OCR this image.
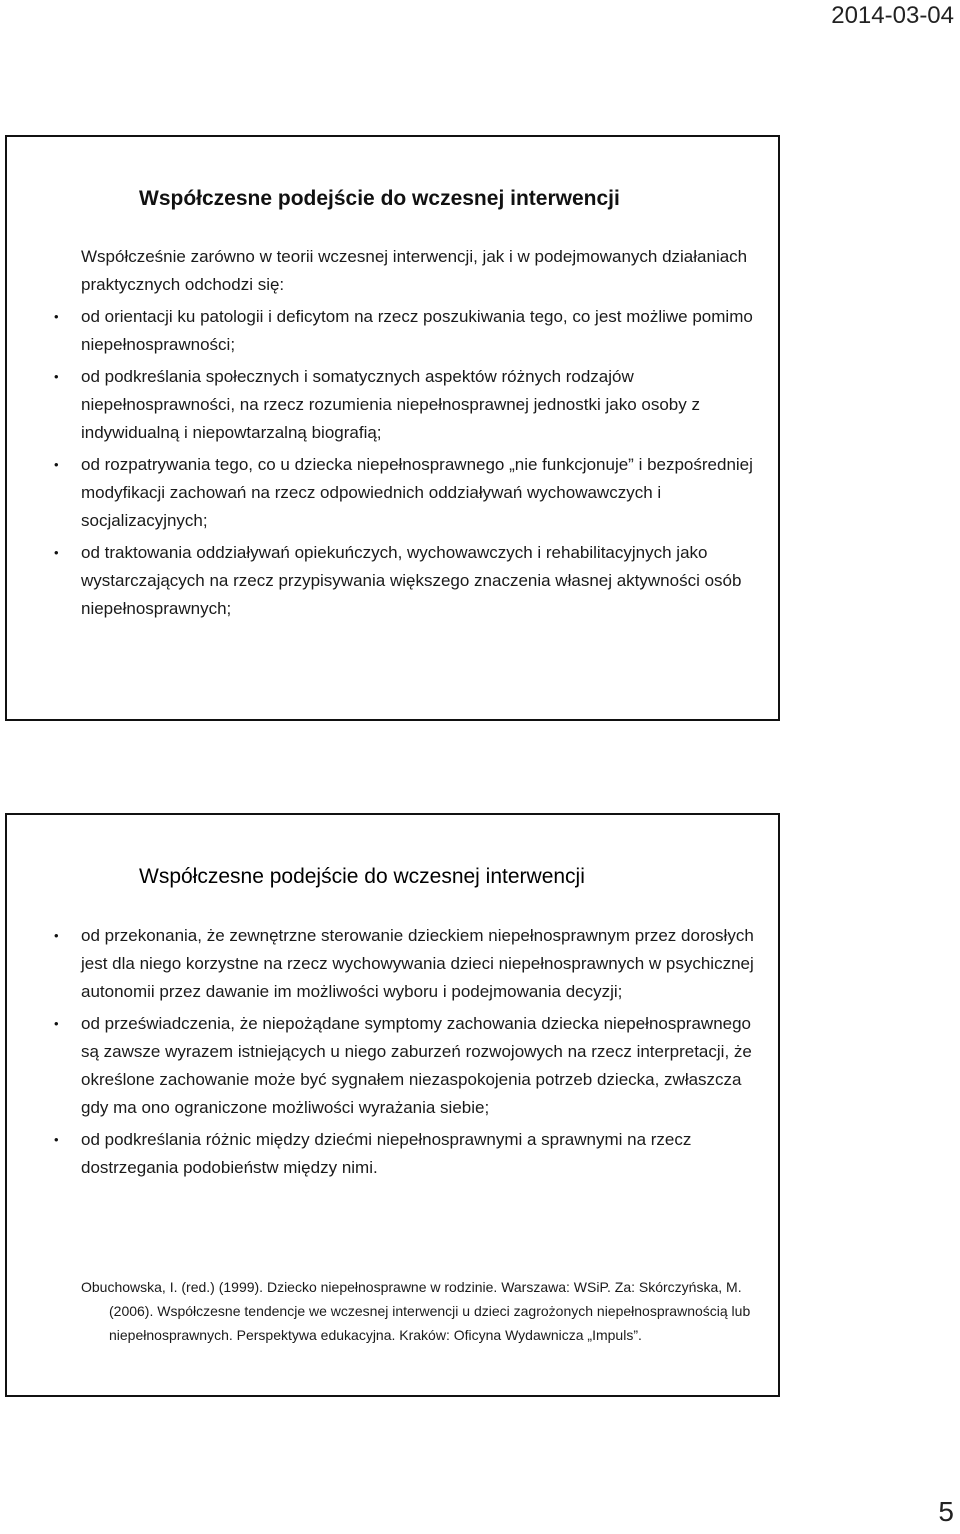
2014-03-04
Współczesne podejście do wczesnej interwencji

Współcześnie zarówno w teorii wczesnej interwencji, jak i w podejmowanych działaniach praktycznych odchodzi się:

•	od orientacji ku patologii i deficytom na rzecz poszukiwania tego, co jest możliwe pomimo niepełnosprawności;
•	od podkreślania społecznych i somatycznych aspektów różnych rodzajów niepełnosprawności, na rzecz rozumienia niepełnosprawnej jednostki jako osoby z indywidualną i niepowtarzalną biografią;
•	od rozpatrywania tego, co u dziecka niepełnosprawnego „nie funkcjonuje” i bezpośredniej modyfikacji zachowań na rzecz odpowiednich oddziaływań wychowawczych i socjalizacyjnych;
•	od traktowania oddziaływań opiekuńczych, wychowawczych i rehabilitacyjnych jako wystarczających na rzecz przypisywania większego znaczenia własnej aktywności osób niepełnosprawnych;
Współczesne podejście do wczesnej interwencji
•	od przekonania, że zewnętrzne sterowanie dzieckiem niepełnosprawnym przez dorosłych jest dla niego korzystne na rzecz wychowywania dzieci niepełnosprawnych w psychicznej autonomii przez dawanie im możliwości wyboru i podejmowania decyzji;
•	od przeświadczenia, że niepożądane symptomy zachowania dziecka niepełnosprawnego są zawsze wyrazem istniejących u niego zaburzeń rozwojowych na rzecz interpretacji, że określone zachowanie może być sygnałem niezaspokojenia potrzeb dziecka, zwłaszcza gdy ma ono ograniczone możliwości wyrażania siebie;
•	od podkreślania różnic między dziećmi niepełnosprawnymi a sprawnymi na rzecz dostrzegania podobieństw między nimi.

Obuchowska, I. (red.) (1999). Dziecko niepełnosprawne w rodzinie. Warszawa: WSiP. Za: Skórczyńska, M. (2006). Współczesne tendencje we wczesnej interwencji u dzieci zagrożonych niepełnosprawnością lub niepełnosprawnych. Perspektywa edukacyjna. Kraków: Oficyna Wydawnicza „Impuls”.

5
